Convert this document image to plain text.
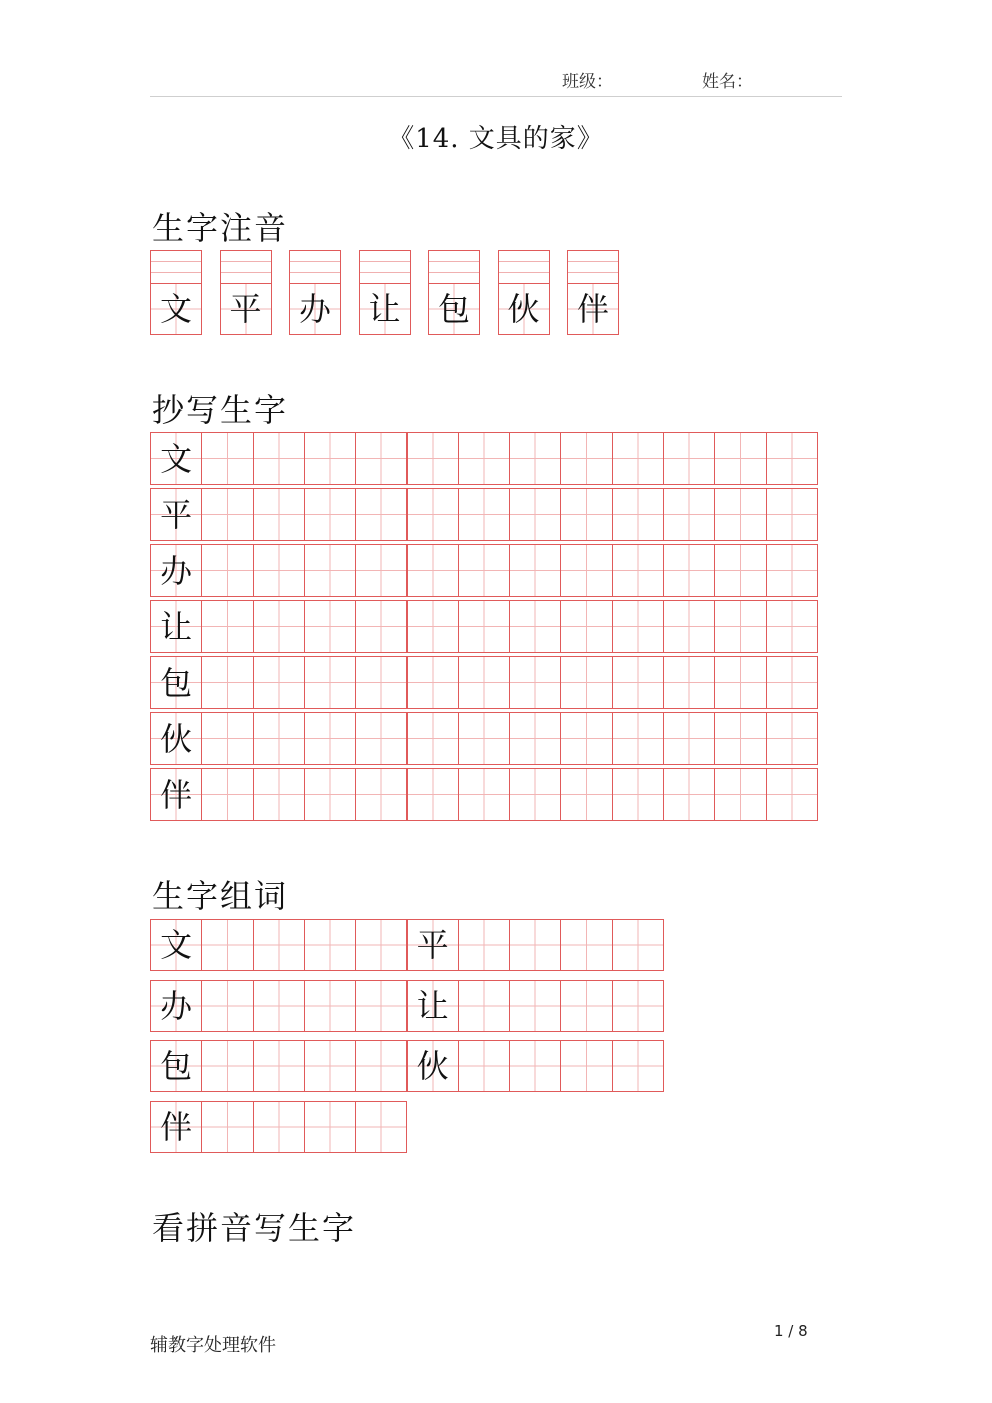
班级：	姓名：
《14. 文具的家》
生字注音
抄写生字
生字组词
看拼音写生字
辅教字处理软件
1 / 8
文	平	办	让	包	伙	伴
文
平
办
让
包
伙
伴
文	平
办	让
包	伙
伴
